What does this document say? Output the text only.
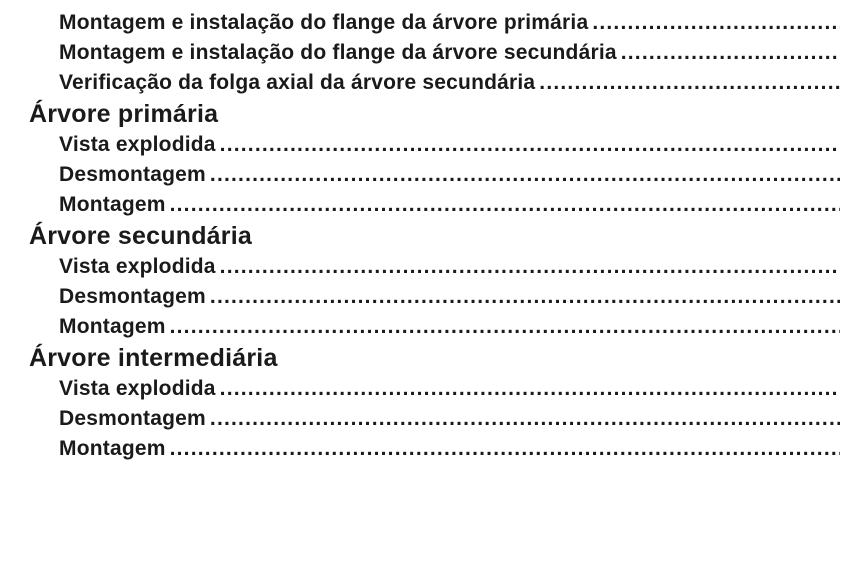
Montagem e instalação do flange da árvore primária
.....
Montagem e instalação do flange da árvore secundária
.....
Verificação da folga axial da árvore secundária
.....
Árvore primária
Vista explodida
.....
Desmontagem
.....
Montagem
.....
Árvore secundária
Vista explodida
.....
Desmontagem
.....
Montagem
.....
Árvore intermediária
Vista explodida
.....
Desmontagem
.....
Montagem
.....
